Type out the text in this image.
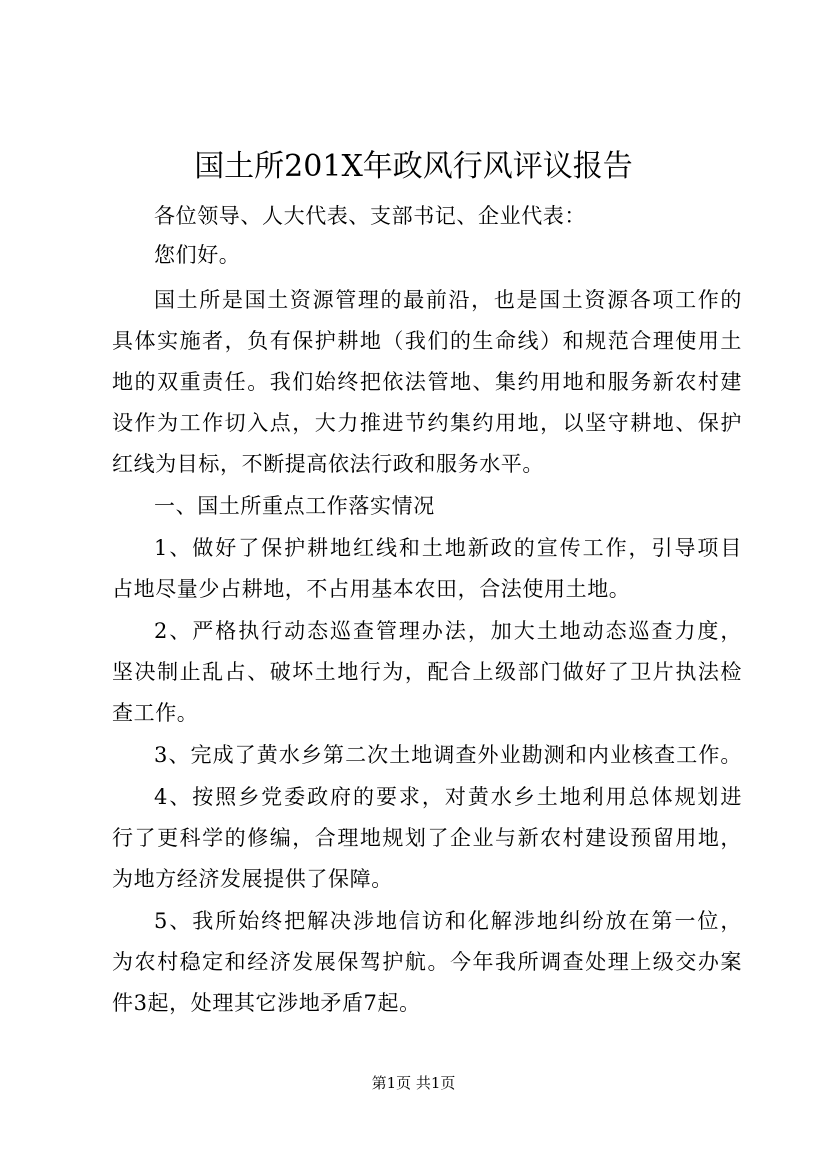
国土所201X年政风行风评议报告
各位领导、人大代表、支部书记、企业代表：
您们好。
国土所是国土资源管理的最前沿，也是国土资源各项工作的
具体实施者，负有保护耕地（我们的生命线）和规范合理使用土
地的双重责任。我们始终把依法管地、集约用地和服务新农村建
设作为工作切入点，大力推进节约集约用地，以坚守耕地、保护
红线为目标，不断提高依法行政和服务水平。
一、国土所重点工作落实情况
1、做好了保护耕地红线和土地新政的宣传工作，引导项目
占地尽量少占耕地，不占用基本农田，合法使用土地。
2、严格执行动态巡查管理办法，加大土地动态巡查力度，
坚决制止乱占、破坏土地行为，配合上级部门做好了卫片执法检
查工作。
3、完成了黄水乡第二次土地调查外业勘测和内业核查工作。
4、按照乡党委政府的要求，对黄水乡土地利用总体规划进
行了更科学的修编，合理地规划了企业与新农村建设预留用地，
为地方经济发展提供了保障。
5、我所始终把解决涉地信访和化解涉地纠纷放在第一位，
为农村稳定和经济发展保驾护航。今年我所调查处理上级交办案
件3起，处理其它涉地矛盾7起。
第1页 共1页
